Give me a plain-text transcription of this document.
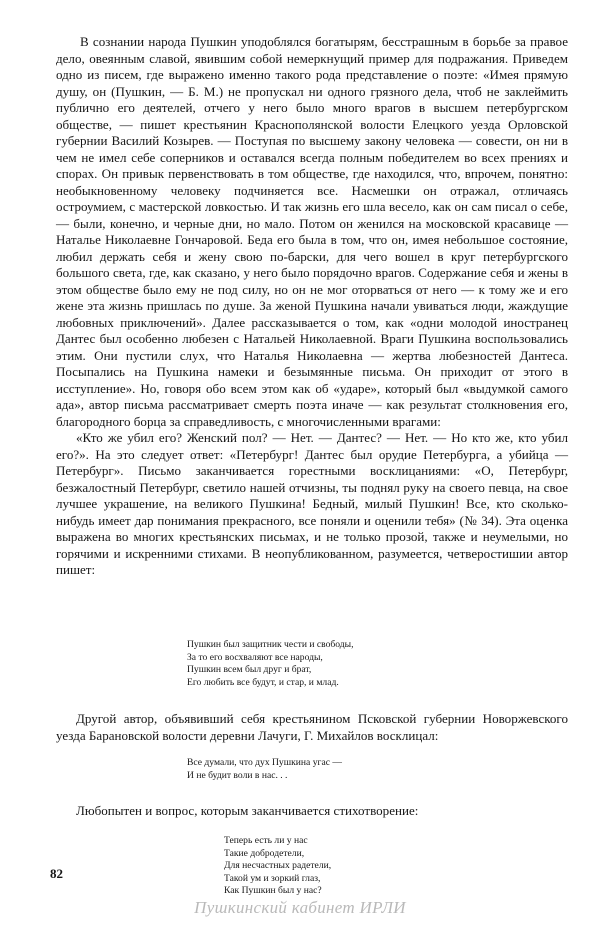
В сознании народа Пушкин уподоблялся богатырям, бесстрашным в борьбе за правое дело, овеянным славой, явившим собой немеркнущий пример для подражания. Приведем одно из писем, где выражено именно такого рода представление о поэте: «Имея прямую душу, он (Пушкин, — Б. М.) не пропускал ни одного грязного дела, чтоб не заклеймить публично его деятелей, отчего у него было много врагов в высшем петербургском обществе, — пишет крестьянин Краснополянской волости Елецкого уезда Орловской губернии Василий Козырев. — Поступая по высшему закону человека — совести, он ни в чем не имел себе соперников и оставался всегда полным победителем во всех прениях и спорах. Он привык первенствовать в том обществе, где находился, что, впрочем, понятно: необыкновенному человеку подчиняется все. Насмешки он отражал, отличаясь остроумием, с мастерской ловкостью. И так жизнь его шла весело, как он сам писал о себе, — были, конечно, и черные дни, но мало. Потом он женился на московской красавице — Наталье Николаевне Гончаровой. Беда его была в том, что он, имея небольшое состояние, любил держать себя и жену свою по-барски, для чего вошел в круг петербургского большого света, где, как сказано, у него было порядочно врагов. Содержание себя и жены в этом обществе было ему не под силу, но он не мог оторваться от него — к тому же и его жене эта жизнь пришлась по душе. За женой Пушкина начали увиваться люди, жаждущие любовных приключений». Далее рассказывается о том, как «одни молодой иностранец Дантес был особенно любезен с Натальей Николаевной. Враги Пушкина воспользовались этим. Они пустили слух, что Наталья Николаевна — жертва любезностей Дантеса. Посыпались на Пушкина намеки и безымянные письма. Он приходит от этого в исступление». Но, говоря обо всем этом как об «ударе», который был «выдумкой самого ада», автор письма рассматривает смерть поэта иначе — как результат столкновения его, благородного борца за справедливость, с многочисленными врагами:

«Кто же убил его? Женский пол? — Нет. — Дантес? — Нет. — Но кто же, кто убил его?». На это следует ответ: «Петербург! Дантес был орудие Петербурга, а убийца — Петербург». Письмо заканчивается горестными восклицаниями: «О, Петербург, безжалостный Петербург, светило нашей отчизны, ты поднял руку на своего певца, на свое лучшее украшение, на великого Пушкина! Бедный, милый Пушкин! Все, кто сколько-нибудь имеет дар понимания прекрасного, все поняли и оценили тебя» (№ 34). Эта оценка выражена во многих крестьянских письмах, и не только прозой, также и неумелыми, но горячими и искренними стихами. В неопубликованном, разумеется, четверостишии автор пишет:

Пушкин был защитник чести и свободы,
За то его восхваляют все народы,
Пушкин всем был друг и брат,
Его любить все будут, и стар, и млад.

Другой автор, объявивший себя крестьянином Псковской губернии Новоржевского уезда Барановской волости деревни Лачуги, Г. Михайлов восклицал:

Все думали, что дух Пушкина угас —
И не будит воли в нас. . .

Любопытен и вопрос, которым заканчивается стихотворение:

Теперь есть ли у нас
Такие добродетели,
Для несчастных радетели,
Такой ум и зоркий глаз,
Как Пушкин был у нас?

82
Пушкинский кабинет ИРЛИ
